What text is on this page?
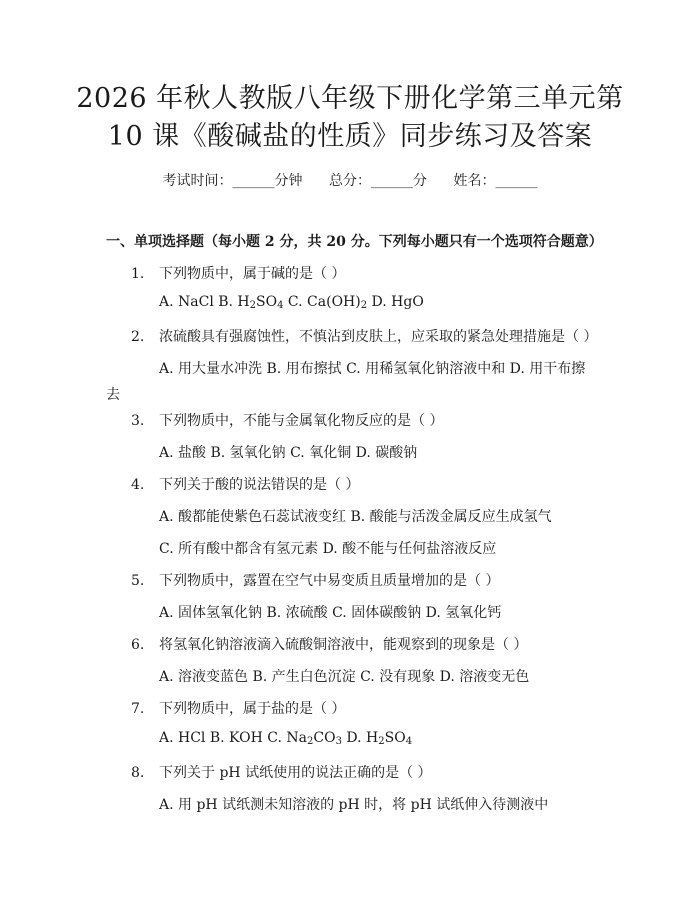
2026 年秋人教版八年级下册化学第三单元第
10 课《酸碱盐的性质》同步练习及答案
考试时间：______分钟 总分：______分 姓名：______
一、单项选择题（每小题 2 分，共 20 分。下列每小题只有一个选项符合题意）
1. 下列物质中，属于碱的是（ ）
A. NaCl B. $H_2SO_4$ C. $Ca(OH)_2$ D. HgO
2. 浓硫酸具有强腐蚀性，不慎沾到皮肤上，应采取的紧急处理措施是（ ）
A. 用大量水冲洗 B. 用布擦拭 C. 用稀氢氧化钠溶液中和 D. 用干布擦
去
3. 下列物质中，不能与金属氧化物反应的是（ ）
A. 盐酸 B. 氢氧化钠 C. 氧化铜 D. 碳酸钠
4. 下列关于酸的说法错误的是（ ）
A. 酸都能使紫色石蕊试液变红 B. 酸能与活泼金属反应生成氢气
C. 所有酸中都含有氢元素 D. 酸不能与任何盐溶液反应
5. 下列物质中，露置在空气中易变质且质量增加的是（ ）
A. 固体氢氧化钠 B. 浓硫酸 C. 固体碳酸钠 D. 氢氧化钙
6. 将氢氧化钠溶液滴入硫酸铜溶液中，能观察到的现象是（ ）
A. 溶液变蓝色 B. 产生白色沉淀 C. 没有现象 D. 溶液变无色
7. 下列物质中，属于盐的是（ ）
A. HCl B. KOH C. $Na_2CO_3$ D. $H_2SO_4$
8. 下列关于 pH 试纸使用的说法正确的是（ ）
A. 用 pH 试纸测未知溶液的 pH 时，将 pH 试纸伸入待测液中
